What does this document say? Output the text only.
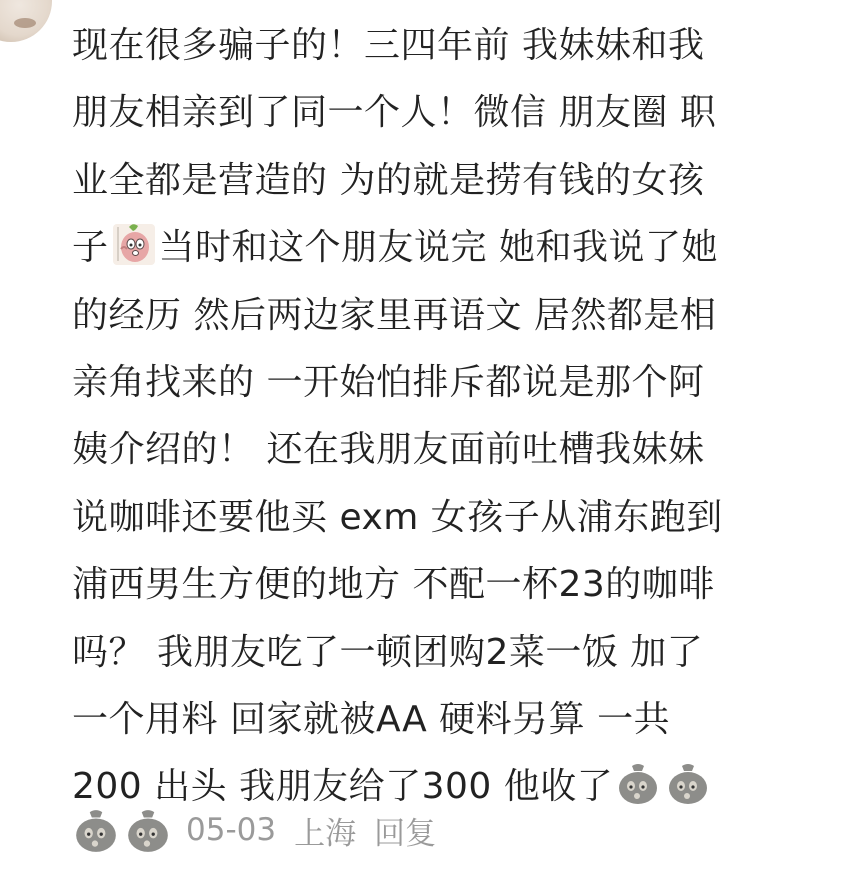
现在很多骗子的！三四年前 我妹妹和我
朋友相亲到了同一个人！微信 朋友圈 职
业全都是营造的 为的就是捞有钱的女孩
子 当时和这个朋友说完 她和我说了她
的经历 然后两边家里再语文 居然都是相
亲角找来的 一开始怕排斥都说是那个阿
姨介绍的！ 还在我朋友面前吐槽我妹妹
说咖啡还要他买 exm 女孩子从浦东跑到
浦西男生方便的地方 不配一杯23的咖啡
吗？ 我朋友吃了一顿团购2菜一饭 加了
一个用料 回家就被AA 硬料另算 一共
200 出头 我朋友给了300 他收了
05-03 上海 回复
